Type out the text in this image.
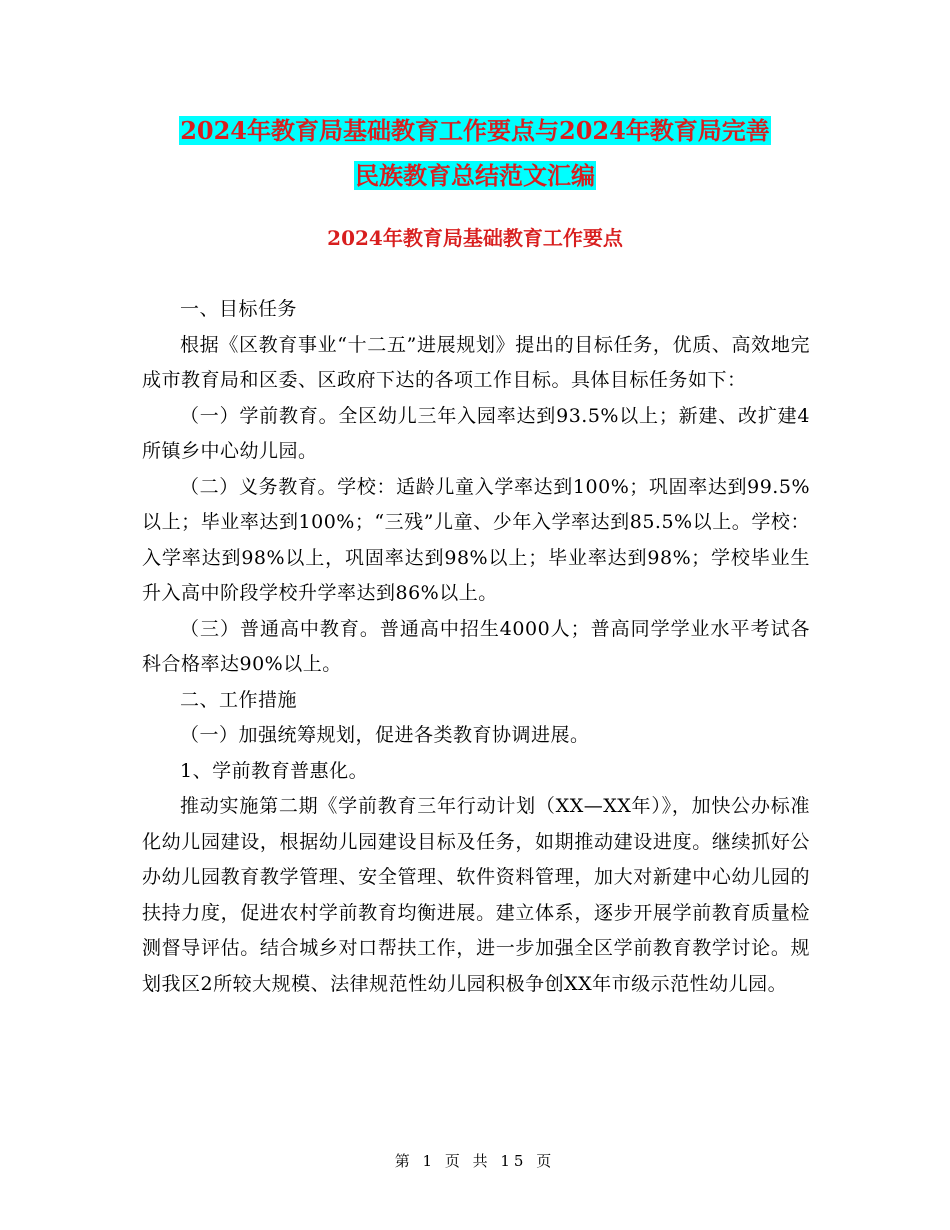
2024年教育局基础教育工作要点与2024年教育局完善
民族教育总结范文汇编
2024年教育局基础教育工作要点

一、目标任务

根据《区教育事业“十二五”进展规划》提出的目标任务，优质、高效地完成市教育局和区委、区政府下达的各项工作目标。具体目标任务如下：

（一）学前教育。全区幼儿三年入园率达到93.5%以上；新建、改扩建4所镇乡中心幼儿园。

（二）义务教育。学校：适龄儿童入学率达到100%；巩固率达到99.5%以上；毕业率达到100%；“三残”儿童、少年入学率达到85.5%以上。学校：入学率达到98%以上，巩固率达到98%以上；毕业率达到98%；学校毕业生升入高中阶段学校升学率达到86%以上。

（三）普通高中教育。普通高中招生4000人；普高同学学业水平考试各科合格率达90%以上。

二、工作措施

（一）加强统筹规划，促进各类教育协调进展。

1、学前教育普惠化。

推动实施第二期《学前教育三年行动计划（XX—XX年）》，加快公办标准化幼儿园建设，根据幼儿园建设目标及任务，如期推动建设进度。继续抓好公办幼儿园教育教学管理、安全管理、软件资料管理，加大对新建中心幼儿园的扶持力度，促进农村学前教育均衡进展。建立体系，逐步开展学前教育质量检测督导评估。结合城乡对口帮扶工作，进一步加强全区学前教育教学讨论。规划我区2所较大规模、法律规范性幼儿园积极争创XX年市级示范性幼儿园。

第 1 页 共 15 页
